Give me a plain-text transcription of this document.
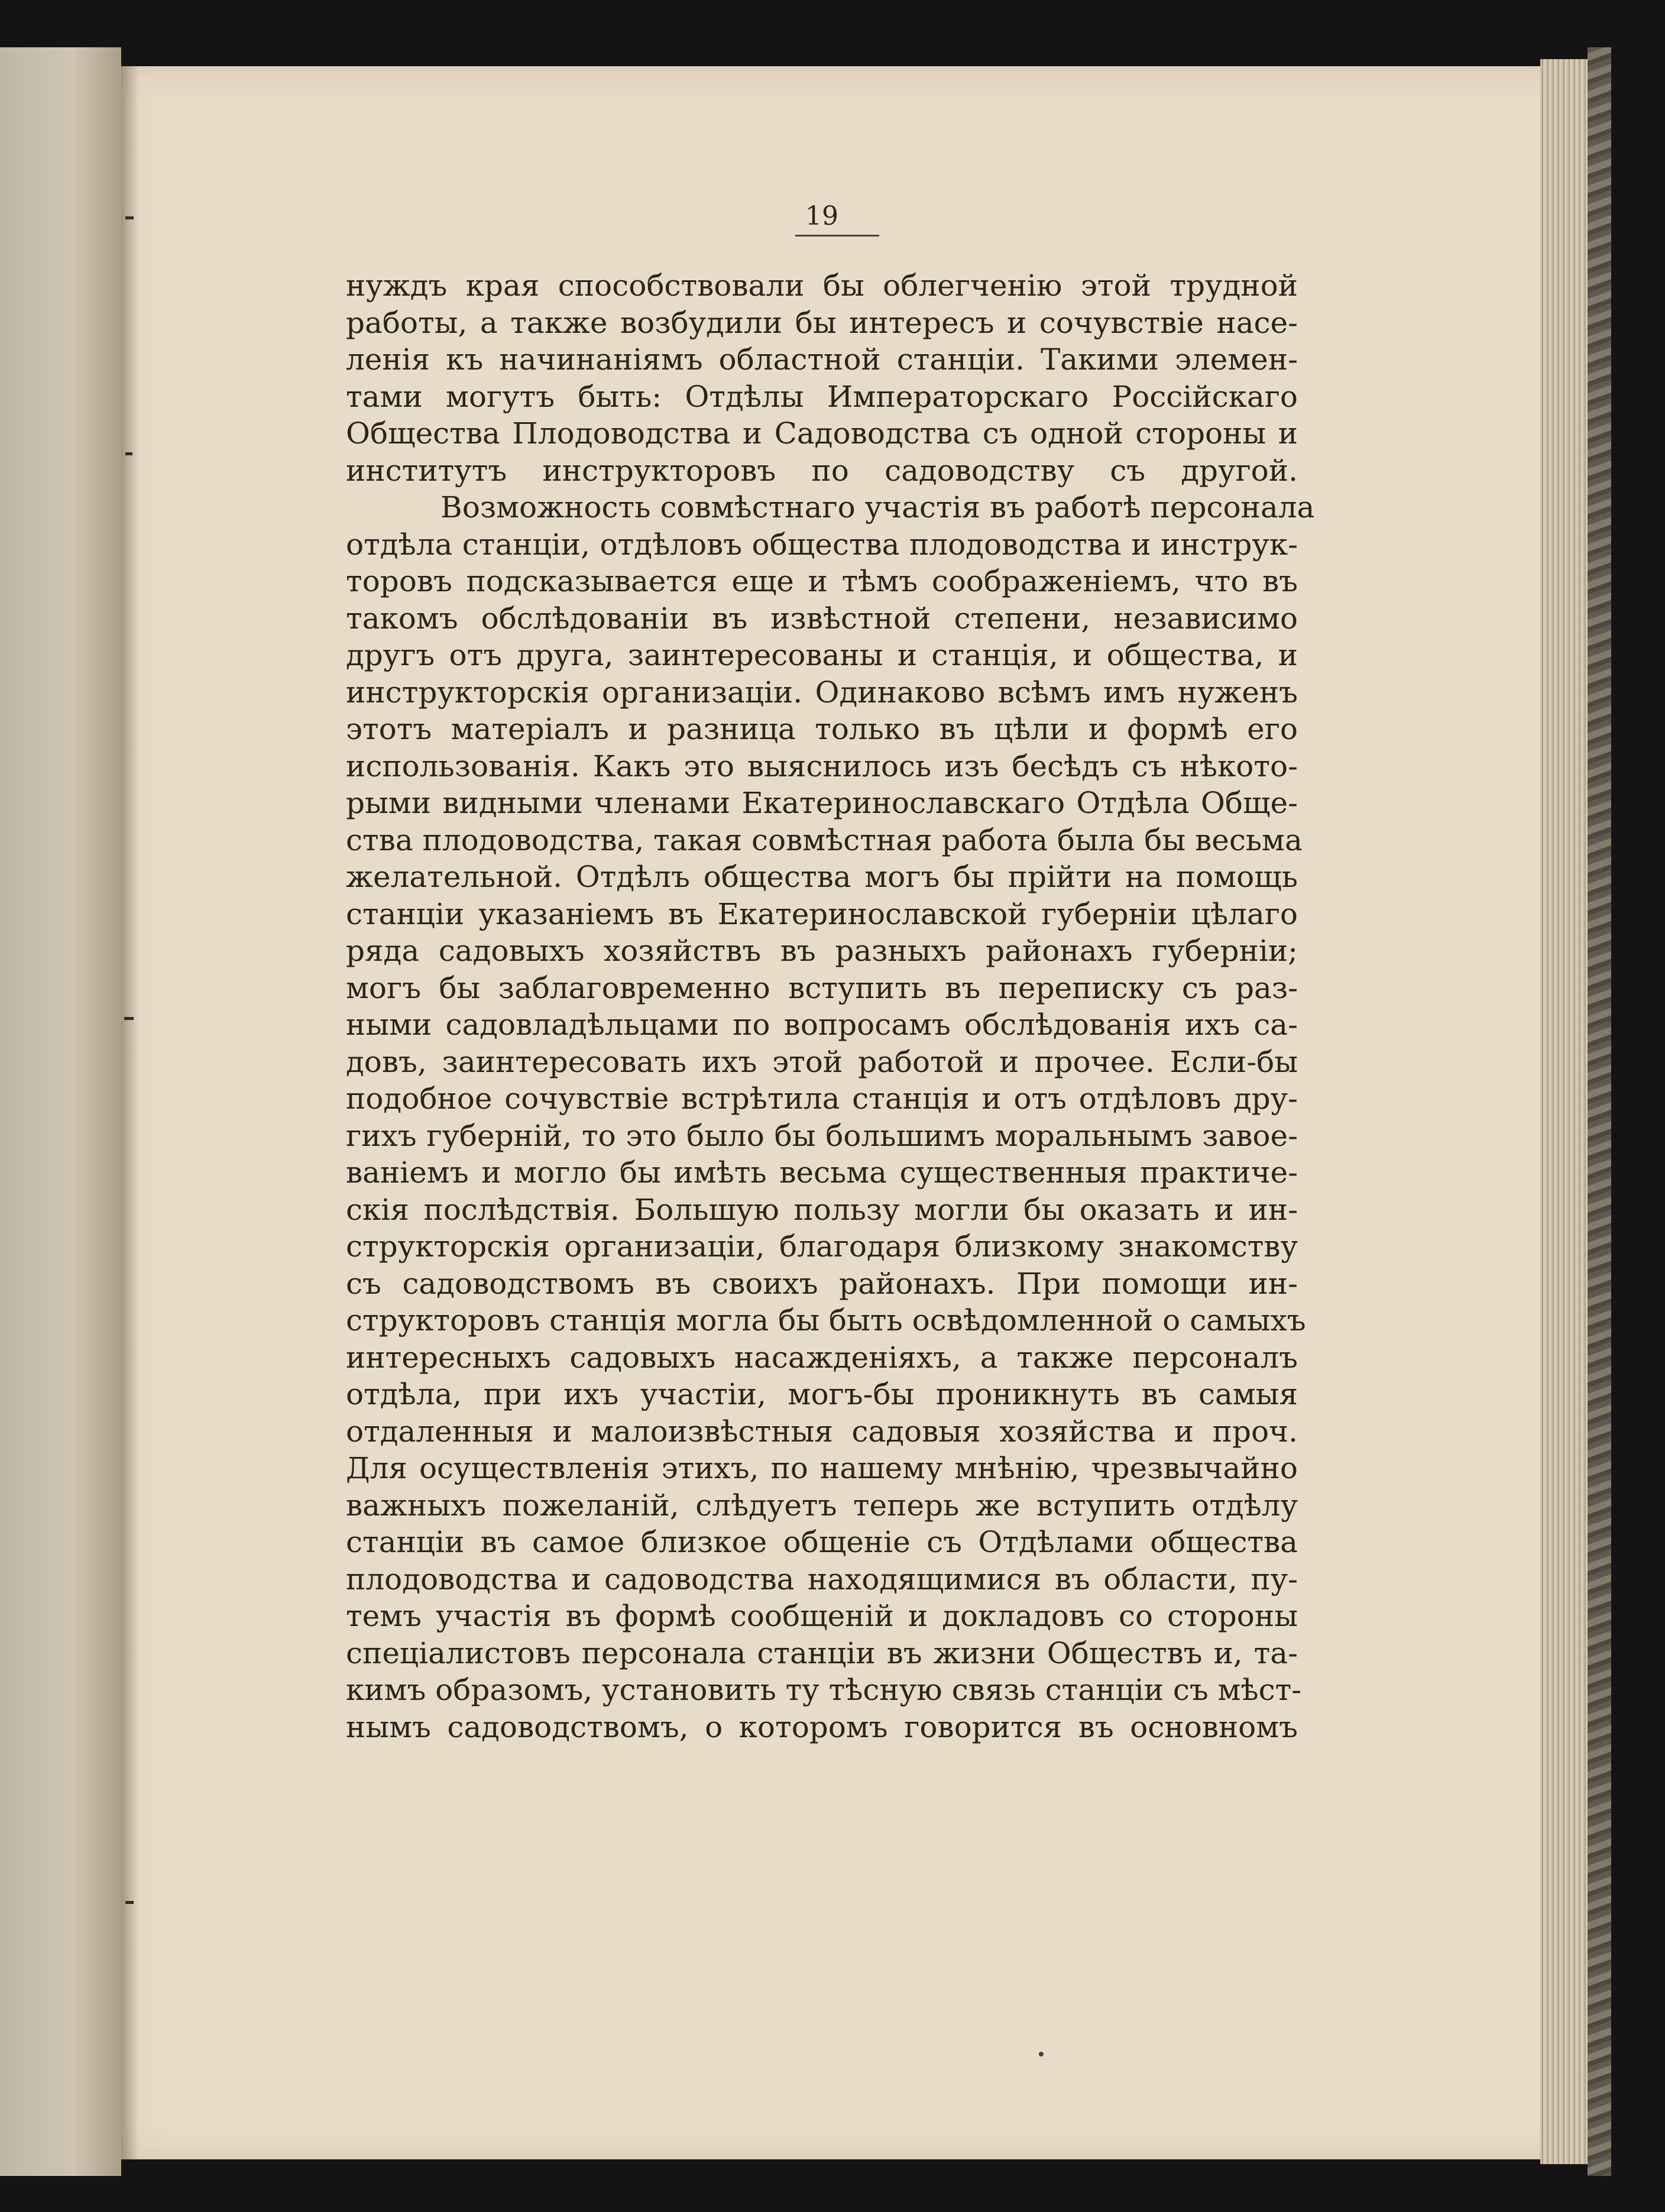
19
нуждъ края способствовали бы облегченію этой трудной
работы, а также возбудили бы интересъ и сочувствіе насе-
ленія къ начинаніямъ областной станціи. Такими элемен-
тами могутъ быть: Отдѣлы Императорскаго Россійскаго
Общества Плодоводства и Садоводства съ одной стороны и
институтъ инструкторовъ по садоводству съ другой.
Возможность совмѣстнаго участія въ работѣ персонала
отдѣла станціи, отдѣловъ общества плодоводства и инструк-
торовъ подсказывается еще и тѣмъ соображеніемъ, что въ
такомъ обслѣдованіи въ извѣстной степени, независимо
другъ отъ друга, заинтересованы и станція, и общества, и
инструкторскія организаціи. Одинаково всѣмъ имъ нуженъ
этотъ матеріалъ и разница только въ цѣли и формѣ его
использованія. Какъ это выяснилось изъ бесѣдъ съ нѣкото-
рыми видными членами Екатеринославскаго Отдѣла Обще-
ства плодоводства, такая совмѣстная работа была бы весьма
желательной. Отдѣлъ общества могъ бы прійти на помощь
станціи указаніемъ въ Екатеринославской губерніи цѣлаго
ряда садовыхъ хозяйствъ въ разныхъ районахъ губерніи;
могъ бы заблаговременно вступить въ переписку съ раз-
ными садовладѣльцами по вопросамъ обслѣдованія ихъ са-
довъ, заинтересовать ихъ этой работой и прочее. Если-бы
подобное сочувствіе встрѣтила станція и отъ отдѣловъ дру-
гихъ губерній, то это было бы большимъ моральнымъ завое-
ваніемъ и могло бы имѣть весьма существенныя практиче-
скія послѣдствія. Большую пользу могли бы оказать и ин-
структорскія организаціи, благодаря близкому знакомству
съ садоводствомъ въ своихъ районахъ. При помощи ин-
структоровъ станція могла бы быть освѣдомленной о самыхъ
интересныхъ садовыхъ насажденіяхъ, а также персоналъ
отдѣла, при ихъ участіи, могъ-бы проникнуть въ самыя
отдаленныя и малоизвѣстныя садовыя хозяйства и проч.
Для осуществленія этихъ, по нашему мнѣнію, чрезвычайно
важныхъ пожеланій, слѣдуетъ теперь же вступить отдѣлу
станціи въ самое близкое общеніе съ Отдѣлами общества
плодоводства и садоводства находящимися въ области, пу-
темъ участія въ формѣ сообщеній и докладовъ со стороны
спеціалистовъ персонала станціи въ жизни Обществъ и, та-
кимъ образомъ, установить ту тѣсную связь станціи съ мѣст-
нымъ садоводствомъ, о которомъ говорится въ основномъ
